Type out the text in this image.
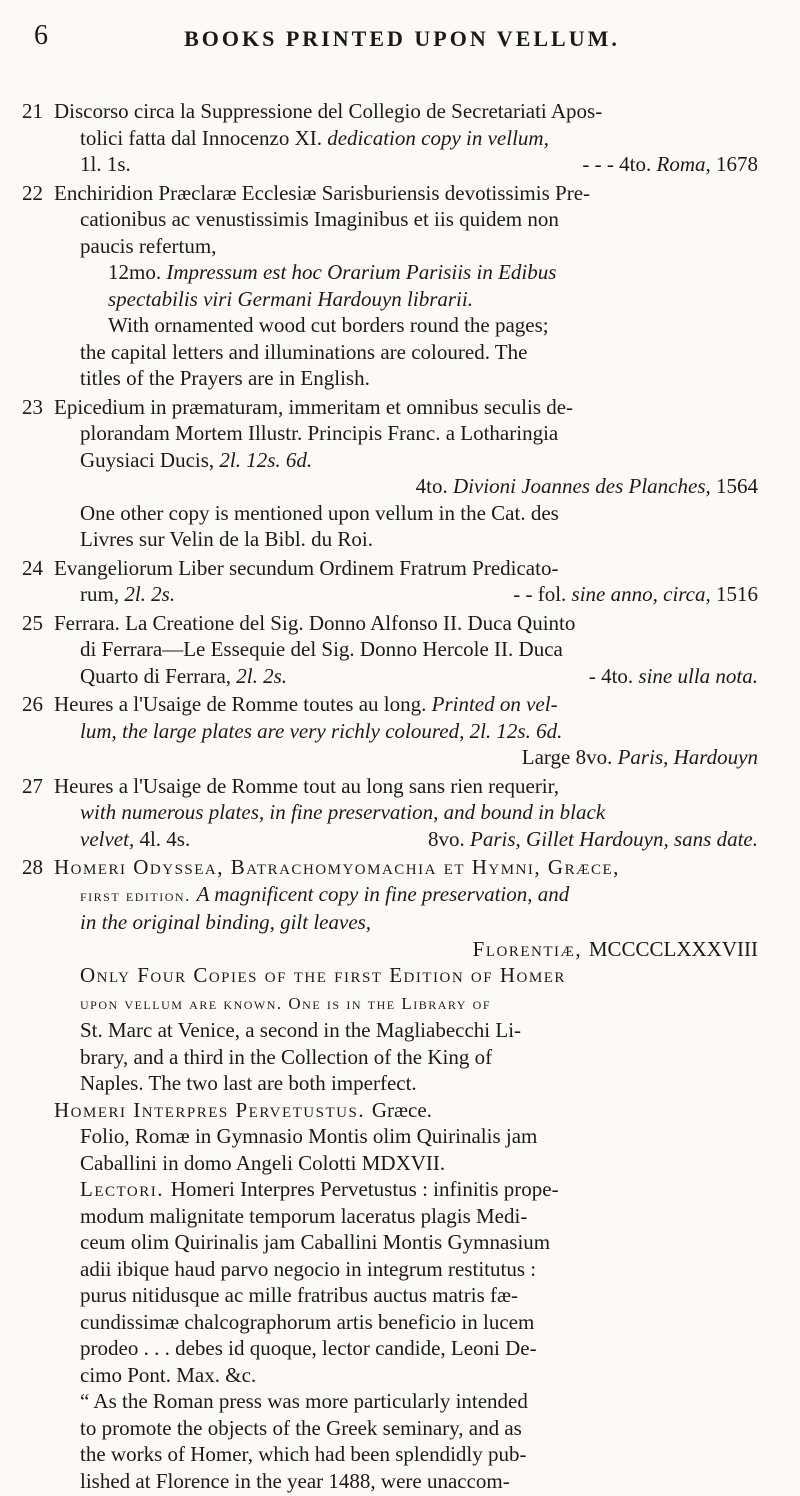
6	BOOKS PRINTED UPON VELLUM.
21 Discorso circa la Suppressione del Collegio de Secretariati Apos-

tolici fatta dal Innocenzo XI. dedication copy in vellum,

1l. 1s.	- - - 4to. Roma, 1678

22 Enchiridion Præclaræ Ecclesiæ Sarisburiensis devotissimis Pre-

cationibus ac venustissimis Imaginibus et iis quidem non

paucis refertum,

12mo. Impressum est hoc Orarium Parisiis in Edibus

spectabilis viri Germani Hardouyn librarii.

With ornamented wood cut borders round the pages;

the capital letters and illuminations are coloured. The

titles of the Prayers are in English.

23 Epicedium in præmaturam, immeritam et omnibus seculis de-

plorandam Mortem Illustr. Principis Franc. a Lotharingia

Guysiaci Ducis, 2l. 12s. 6d.

4to. Divioni Joannes des Planches, 1564

One other copy is mentioned upon vellum in the Cat. des

Livres sur Velin de la Bibl. du Roi.

24 Evangeliorum Liber secundum Ordinem Fratrum Predicato-

rum, 2l. 2s.	- - fol. sine anno, circa, 1516

25 Ferrara. La Creatione del Sig. Donno Alfonso II. Duca Quinto

di Ferrara—Le Essequie del Sig. Donno Hercole II. Duca

Quarto di Ferrara, 2l. 2s.	- 4to. sine ulla nota.

26 Heures a l'Usaige de Romme toutes au long. Printed on vel-

lum, the large plates are very richly coloured, 2l. 12s. 6d.

Large 8vo. Paris, Hardouyn

27 Heures a l'Usaige de Romme tout au long sans rien requerir,

with numerous plates, in fine preservation, and bound in black

velvet, 4l. 4s.	8vo. Paris, Gillet Hardouyn, sans date.

28 Homeri Odyssea, Batrachomyomachia et Hymni, Græce,

first edition. A magnificent copy in fine preservation, and

in the original binding, gilt leaves,

Florentiæ, MCCCCLXXXVIII

Only Four Copies of the first Edition of Homer

upon vellum are known. One is in the Library of

St. Marc at Venice, a second in the Magliabecchi Li-

brary, and a third in the Collection of the King of

Naples. The two last are both imperfect.

Homeri Interpres Pervetustus. Græce.

Folio, Romæ in Gymnasio Montis olim Quirinalis jam

Caballini in domo Angeli Colotti MDXVII.

Lectori. Homeri Interpres Pervetustus : infinitis prope-

modum malignitate temporum laceratus plagis Medi-

ceum olim Quirinalis jam Caballini Montis Gymnasium

adii ibique haud parvo negocio in integrum restitutus :

purus nitidusque ac mille fratribus auctus matris fæ-

cundissimæ chalcographorum artis beneficio in lucem

prodeo . . . debes id quoque, lector candide, Leoni De-

cimo Pont. Max. &c.

“ As the Roman press was more particularly intended

to promote the objects of the Greek seminary, and as

the works of Homer, which had been splendidly pub-

lished at Florence in the year 1488, were unaccom-
